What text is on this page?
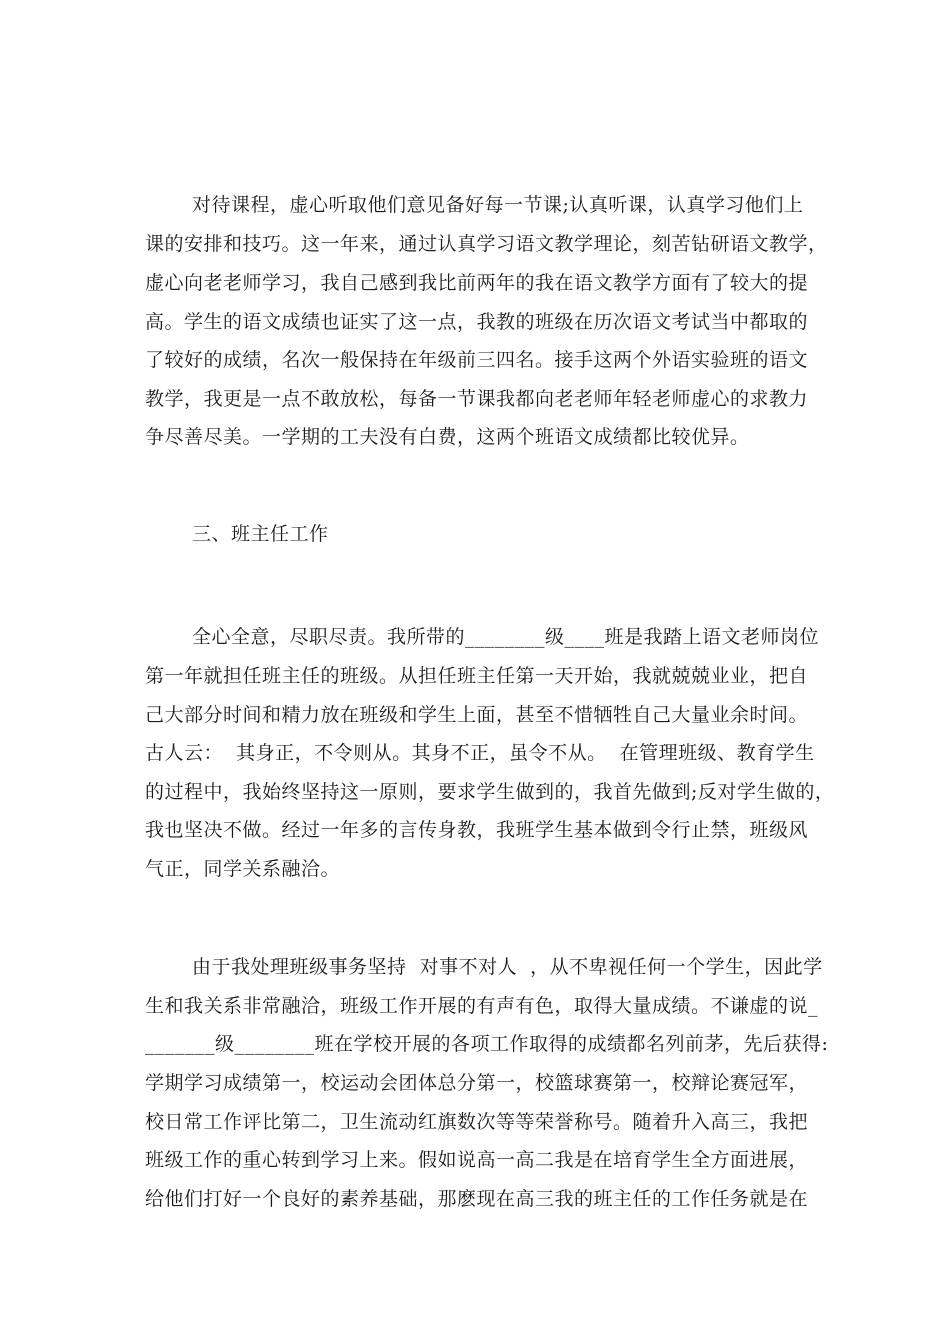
对待课程，虚心听取他们意见备好每一节课;认真听课，认真学习他们上
课的安排和技巧。这一年来，通过认真学习语文教学理论，刻苦钻研语文教学，
虚心向老老师学习，我自己感到我比前两年的我在语文教学方面有了较大的提
高。学生的语文成绩也证实了这一点，我教的班级在历次语文考试当中都取的
了较好的成绩，名次一般保持在年级前三四名。接手这两个外语实验班的语文
教学，我更是一点不敢放松，每备一节课我都向老老师年轻老师虚心的求教力
争尽善尽美。一学期的工夫没有白费，这两个班语文成绩都比较优异。
三、班主任工作
全心全意，尽职尽责。我所带的________级____班是我踏上语文老师岗位
第一年就担任班主任的班级。从担任班主任第一天开始，我就兢兢业业，把自
己大部分时间和精力放在班级和学生上面，甚至不惜牺牲自己大量业余时间。
古人云：  其身正，不令则从。其身不正，虽令不从。  在管理班级、教育学生
的过程中，我始终坚持这一原则，要求学生做到的，我首先做到;反对学生做的，
我也坚决不做。经过一年多的言传身教，我班学生基本做到令行止禁，班级风
气正，同学关系融洽。
由于我处理班级事务坚持  对事不对人  ，从不卑视任何一个学生，因此学
生和我关系非常融洽，班级工作开展的有声有色，取得大量成绩。不谦虚的说_
_______级________班在学校开展的各项工作取得的成绩都名列前茅，先后获得:
学期学习成绩第一，校运动会团体总分第一，校篮球赛第一，校辩论赛冠军，
校日常工作评比第二，卫生流动红旗数次等等荣誉称号。随着升入高三，我把
班级工作的重心转到学习上来。假如说高一高二我是在培育学生全方面进展，
给他们打好一个良好的素养基础，那麽现在高三我的班主任的工作任务就是在
